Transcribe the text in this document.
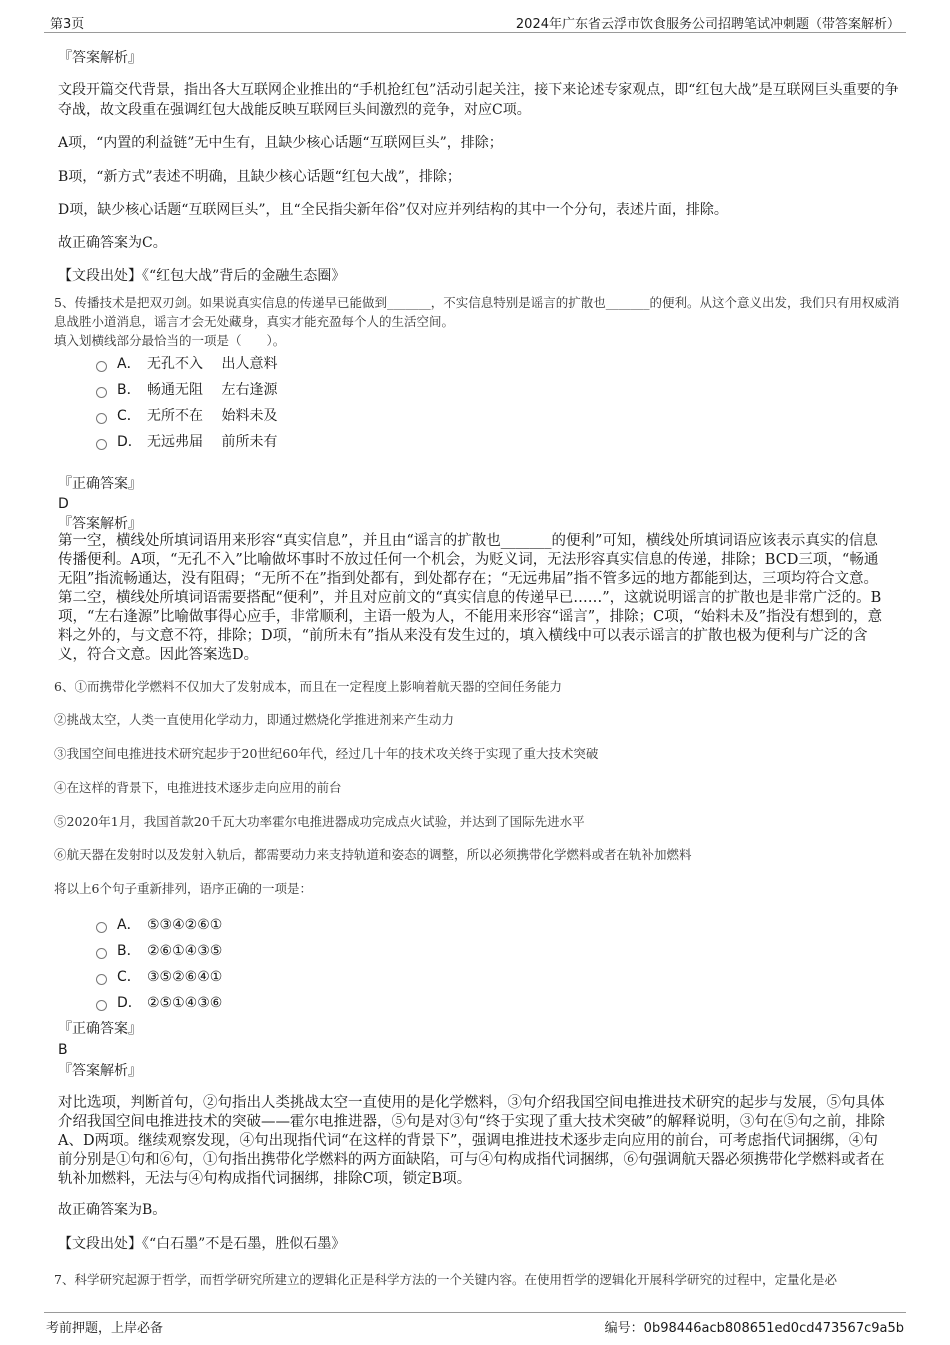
第3页	2024年广东省云浮市饮食服务公司招聘笔试冲刺题（带答案解析）
『答案解析』
文段开篇交代背景，指出各大互联网企业推出的“手机抢红包”活动引起关注，接下来论述专家观点，即“红包大战”是互联网巨头重要的争夺战，故文段重在强调红包大战能反映互联网巨头间激烈的竞争，对应C项。
A项，“内置的利益链”无中生有，且缺少核心话题“互联网巨头”，排除；
B项，“新方式”表述不明确，且缺少核心话题“红包大战”，排除；
D项，缺少核心话题“互联网巨头”，且“全民指尖新年俗”仅对应并列结构的其中一个分句，表述片面，排除。
故正确答案为C。
【文段出处】《“红包大战”背后的金融生态圈》
5、传播技术是把双刃剑。如果说真实信息的传递早已能做到_______，不实信息特别是谣言的扩散也_______的便利。从这个意义出发，我们只有用权威消息战胜小道消息，谣言才会无处藏身，真实才能充盈每个人的生活空间。
填入划横线部分最恰当的一项是（　　）。
A． 无孔不入　 出人意料
B． 畅通无阻　 左右逢源
C． 无所不在　 始料未及
D． 无远弗届　 前所未有
『正确答案』
D
『答案解析』
第一空，横线处所填词语用来形容“真实信息”，并且由“谣言的扩散也_______的便利”可知，横线处所填词语应该表示真实的信息传播便利。A项，“无孔不入”比喻做坏事时不放过任何一个机会，为贬义词，无法形容真实信息的传递，排除；BCD三项，“畅通无阻”指流畅通达，没有阻碍；“无所不在”指到处都有，到处都存在；“无远弗届”指不管多远的地方都能到达，三项均符合文意。第二空，横线处所填词语需要搭配“便利”，并且对应前文的“真实信息的传递早已……”，这就说明谣言的扩散也是非常广泛的。B项，“左右逢源”比喻做事得心应手，非常顺利，主语一般为人，不能用来形容“谣言”，排除；C项，“始料未及”指没有想到的，意料之外的，与文意不符，排除；D项，“前所未有”指从来没有发生过的，填入横线中可以表示谣言的扩散也极为便利与广泛的含义，符合文意。因此答案选D。
6、①而携带化学燃料不仅加大了发射成本，而且在一定程度上影响着航天器的空间任务能力
②挑战太空，人类一直使用化学动力，即通过燃烧化学推进剂来产生动力
③我国空间电推进技术研究起步于20世纪60年代，经过几十年的技术攻关终于实现了重大技术突破
④在这样的背景下，电推进技术逐步走向应用的前台
⑤2020年1月，我国首款20千瓦大功率霍尔电推进器成功完成点火试验，并达到了国际先进水平
⑥航天器在发射时以及发射入轨后，都需要动力来支持轨道和姿态的调整，所以必须携带化学燃料或者在轨补加燃料
将以上6个句子重新排列，语序正确的一项是：
A． ⑤③④②⑥①
B． ②⑥①④③⑤
C． ③⑤②⑥④①
D． ②⑤①④③⑥
『正确答案』
B
『答案解析』
对比选项，判断首句，②句指出人类挑战太空一直使用的是化学燃料，③句介绍我国空间电推进技术研究的起步与发展，⑤句具体介绍我国空间电推进技术的突破——霍尔电推进器，⑤句是对③句“终于实现了重大技术突破”的解释说明，③句在⑤句之前，排除A、D两项。继续观察发现，④句出现指代词“在这样的背景下”，强调电推进技术逐步走向应用的前台，可考虑指代词捆绑，④句前分别是①句和⑥句，①句指出携带化学燃料的两方面缺陷，可与④句构成指代词捆绑，⑥句强调航天器必须携带化学燃料或者在轨补加燃料，无法与④句构成指代词捆绑，排除C项，锁定B项。
故正确答案为B。
【文段出处】《“白石墨”不是石墨，胜似石墨》
7、科学研究起源于哲学，而哲学研究所建立的逻辑化正是科学方法的一个关键内容。在使用哲学的逻辑化开展科学研究的过程中，定量化是必
考前押题，上岸必备	编号：0b98446acb808651ed0cd473567c9a5b
